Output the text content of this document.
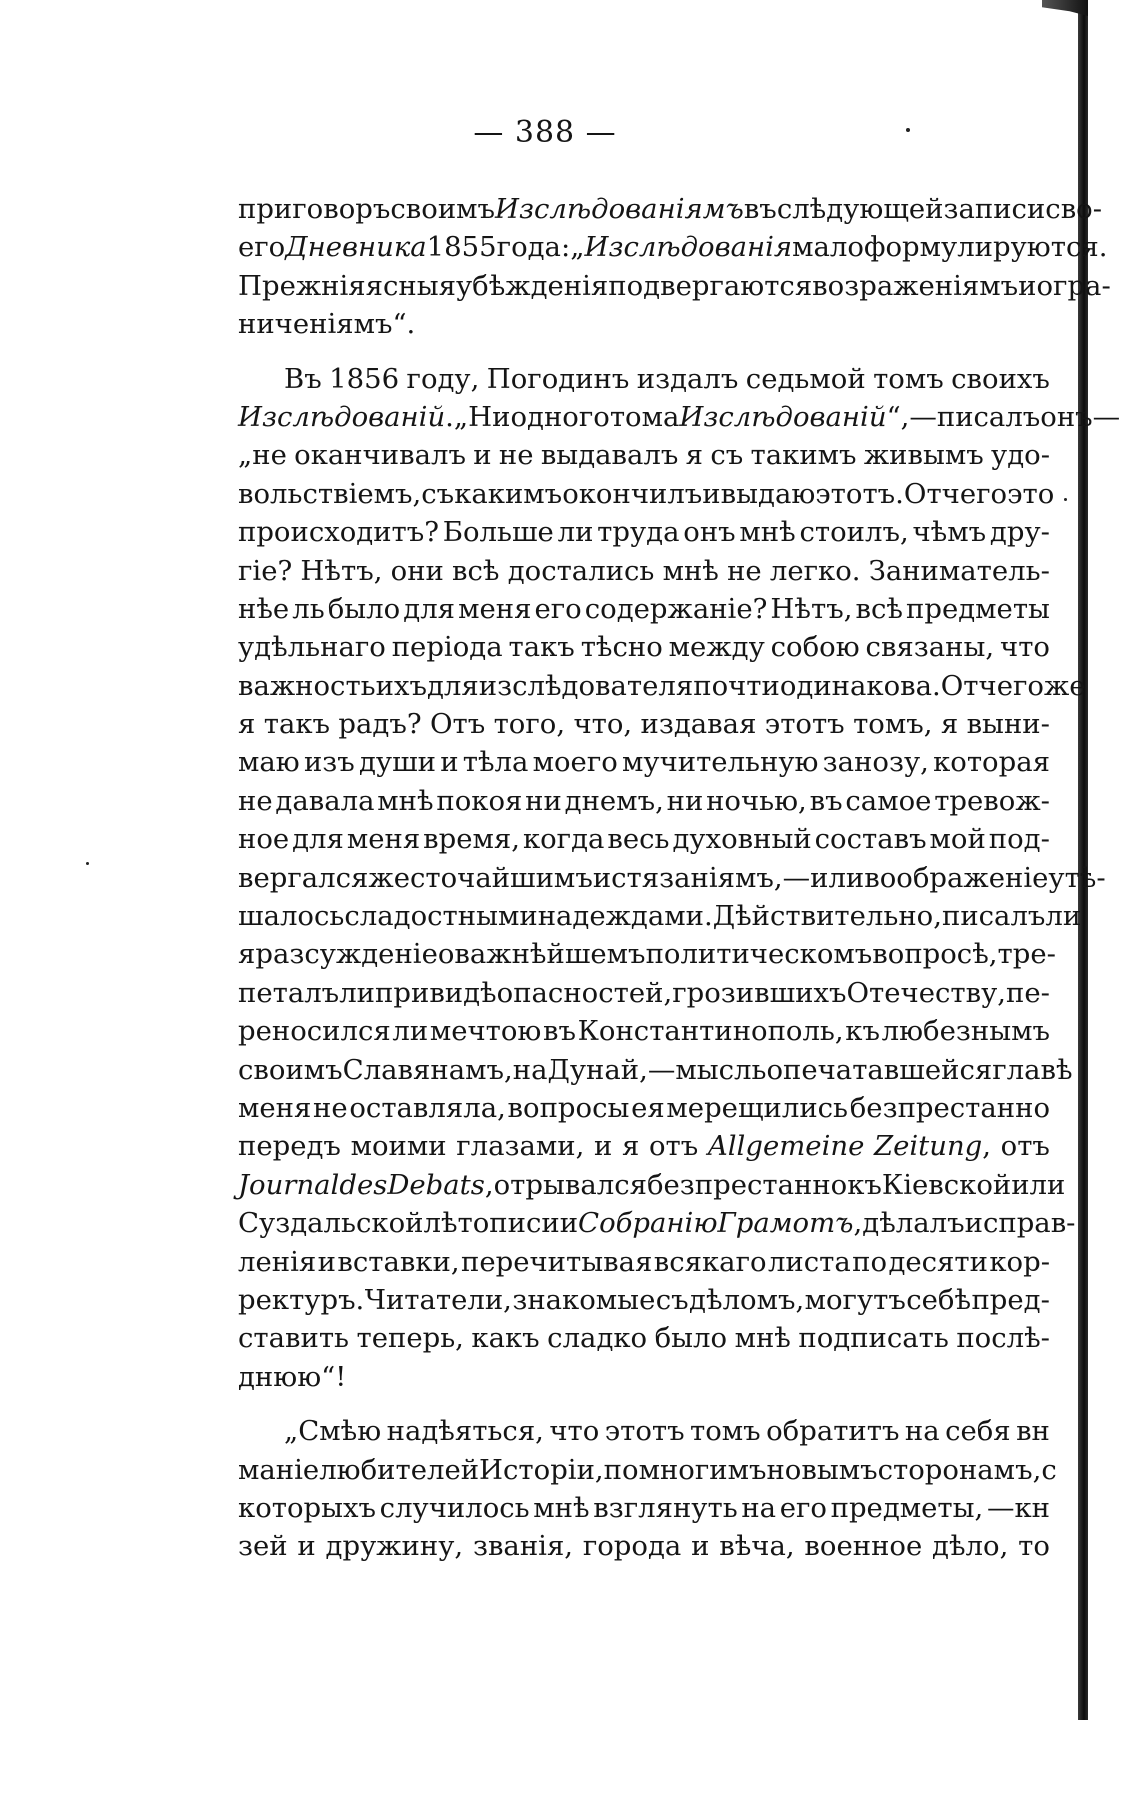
— 388 —
приговоръ своимъ Изслѣдованіямъ въ слѣдующей записи сво-
его Дневника 1855 года: „Изслѣдованія мало формулируются.
Прежнія ясныя убѣжденія подвергаются возраженіямъ и огра-
ниченіямъ“.
Въ 1856 году, Погодинъ издалъ седьмой томъ своихъ
Изслѣдованій. „Ни одного тома Изслѣдованій“, —писалъ онъ—
„не оканчивалъ и не выдавалъ я съ такимъ живымъ удо-
вольствіемъ, съ какимъ окончилъ и выдаю этотъ. Отчего это
происходитъ? Больше ли труда онъ мнѣ стоилъ, чѣмъ дру-
гіе? Нѣтъ, они всѣ достались мнѣ не легко. Заниматель-
нѣе ль было для меня его содержаніе? Нѣтъ, всѣ предметы
удѣльнаго періода такъ тѣсно между собою связаны, что
важность ихъ для изслѣдователя почти одинакова. Отчего же
я такъ радъ? Отъ того, что, издавая этотъ томъ, я выни-
маю изъ души и тѣла моего мучительную занозу, которая
не давала мнѣ покоя ни днемъ, ни ночью, въ самое тревож-
ное для меня время, когда весь духовный составъ мой под-
вергался жесточайшимъ истязаніямъ, —или воображеніе утѣ-
шалось сладостными надеждами. Дѣйствительно, писалъ ли
я разсужденіе о важнѣйшемъ политическомъ вопросѣ, тре-
петалъ ли при видѣ опасностей, грозившихъ Отечеству, пе-
реносился ли мечтою въ Константинополь, къ любезнымъ
своимъ Славянамъ, на Дунай, —мысль о печатавшейся главѣ
меня не оставляла, вопросы ея мерещились безпрестанно
передъ моими глазами, и я отъ Allgemeine Zeitung, отъ
Journal des Debats, отрывался безпрестанно къ Кіевской или
Суздальской лѣтописи и Собранію Грамотъ, дѣлалъ исправ-
ленія и вставки, перечитывая всякаго листа по десяти кор-
ректуръ. Читатели, знакомые съ дѣломъ, могутъ себѣ пред-
ставить теперь, какъ сладко было мнѣ подписать послѣ-
днюю“!
„Смѣю надѣяться, что этотъ томъ обратитъ на себя вн
маніе любителей Исторіи, по многимъ новымъ сторонамъ, с
которыхъ случилось мнѣ взглянуть на его предметы, —кн
зей и дружину, званія, города и вѣча, военное дѣло, то
